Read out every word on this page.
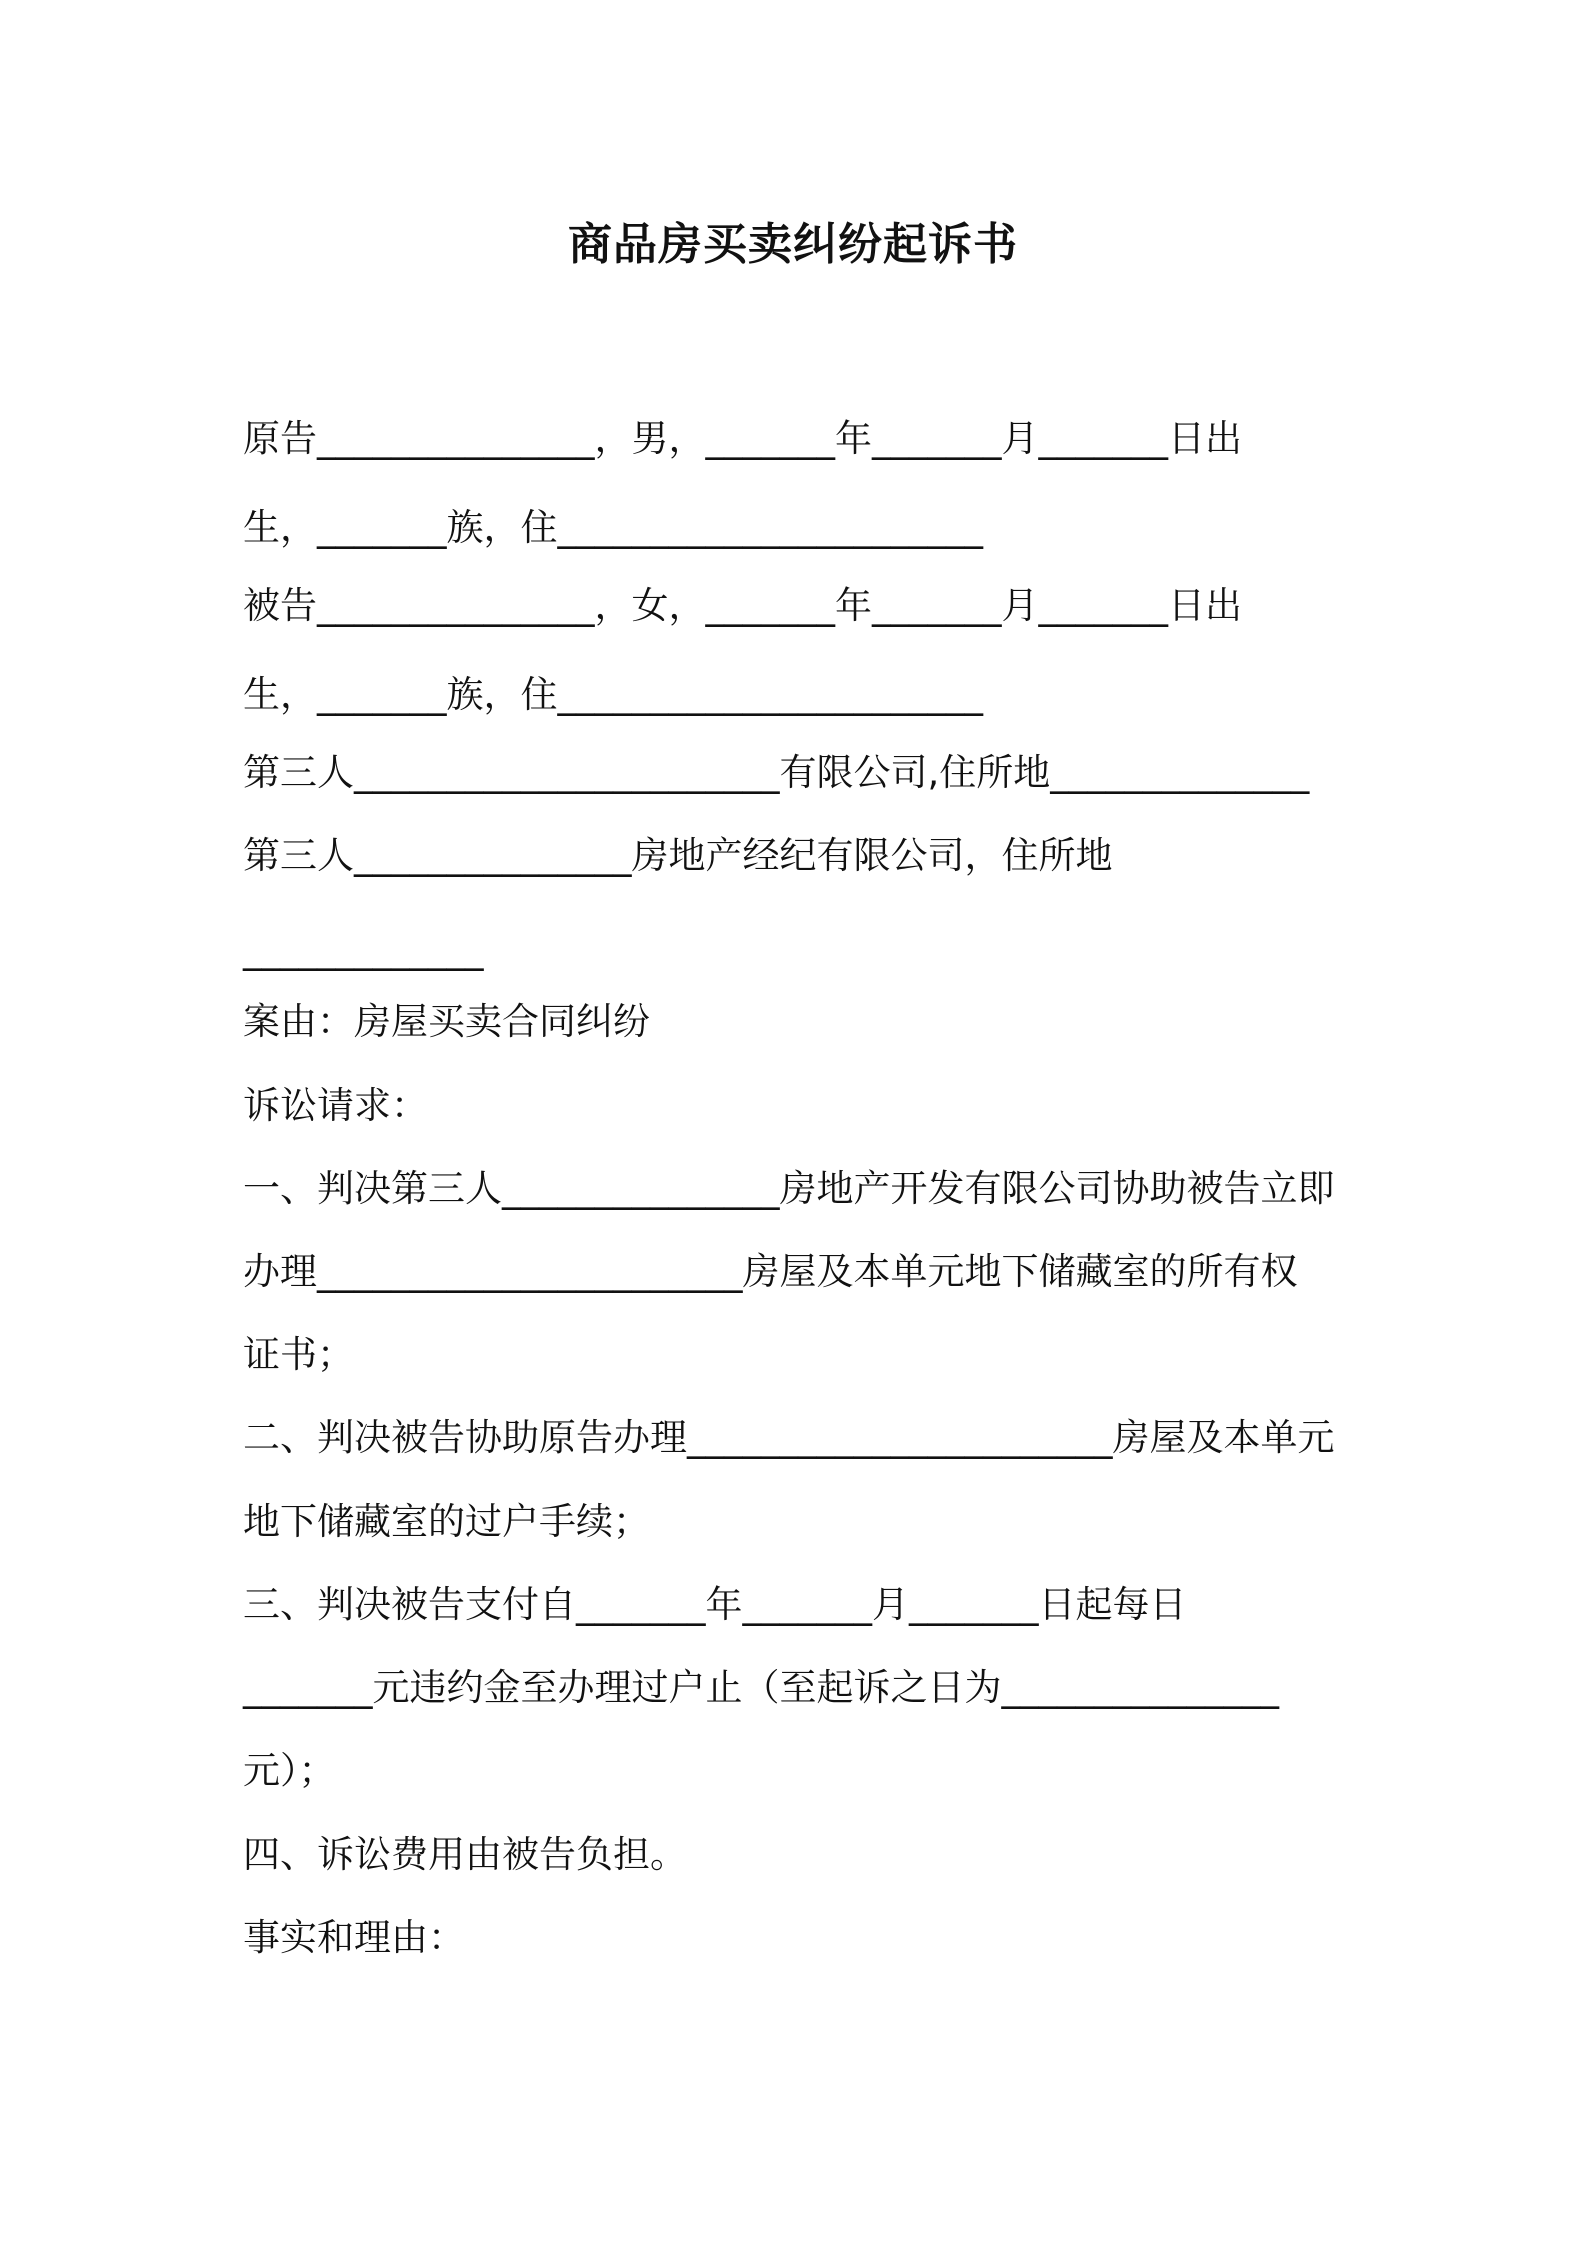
商品房买卖纠纷起诉书
原告_______________，男，_______年_______月_______日出
生，_______族，住_______________________
被告_______________，女，_______年_______月_______日出
生，_______族，住_______________________
第三人_______________________有限公司,住所地______________
第三人_______________房地产经纪有限公司，住所地
_____________
案由：房屋买卖合同纠纷
诉讼请求：
一、判决第三人_______________房地产开发有限公司协助被告立即
办理_______________________房屋及本单元地下储藏室的所有权
证书；
二、判决被告协助原告办理_______________________房屋及本单元
地下储藏室的过户手续；
三、判决被告支付自_______年_______月_______日起每日
_______元违约金至办理过户止（至起诉之日为_______________
元）；
四、诉讼费用由被告负担。
事实和理由：
